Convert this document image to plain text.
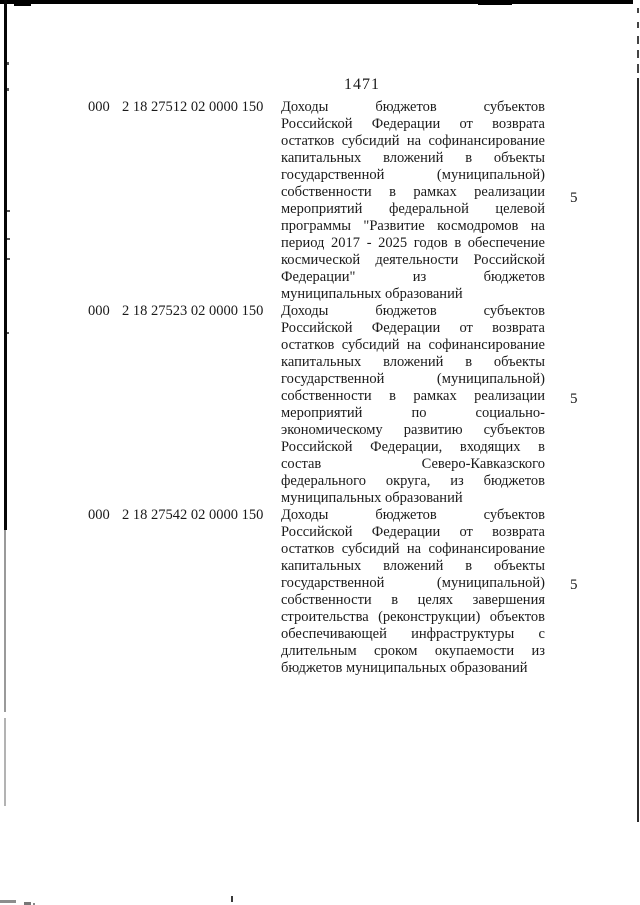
1471
000 2 18 27512 02 0000 150	Доходы бюджетов субъектов
Российской Федерации от возврата
остатков субсидий на софинансирование
капитальных вложений в объекты
государственной (муниципальной)
собственности в рамках реализации
мероприятий федеральной целевой
программы "Развитие космодромов на
период 2017 - 2025 годов в обеспечение
космической деятельности Российской
Федерации" из бюджетов
муниципальных образований
5
000 2 18 27523 02 0000 150	Доходы бюджетов субъектов
Российской Федерации от возврата
остатков субсидий на софинансирование
капитальных вложений в объекты
государственной (муниципальной)
собственности в рамках реализации
мероприятий по социально-
экономическому развитию субъектов
Российской Федерации, входящих в
состав Северо-Кавказского
федерального округа, из бюджетов
муниципальных образований
5
000 2 18 27542 02 0000 150	Доходы бюджетов субъектов
Российской Федерации от возврата
остатков субсидий на софинансирование
капитальных вложений в объекты
государственной (муниципальной)
собственности в целях завершения
строительства (реконструкции) объектов
обеспечивающей инфраструктуры с
длительным сроком окупаемости из
бюджетов муниципальных образований
5
